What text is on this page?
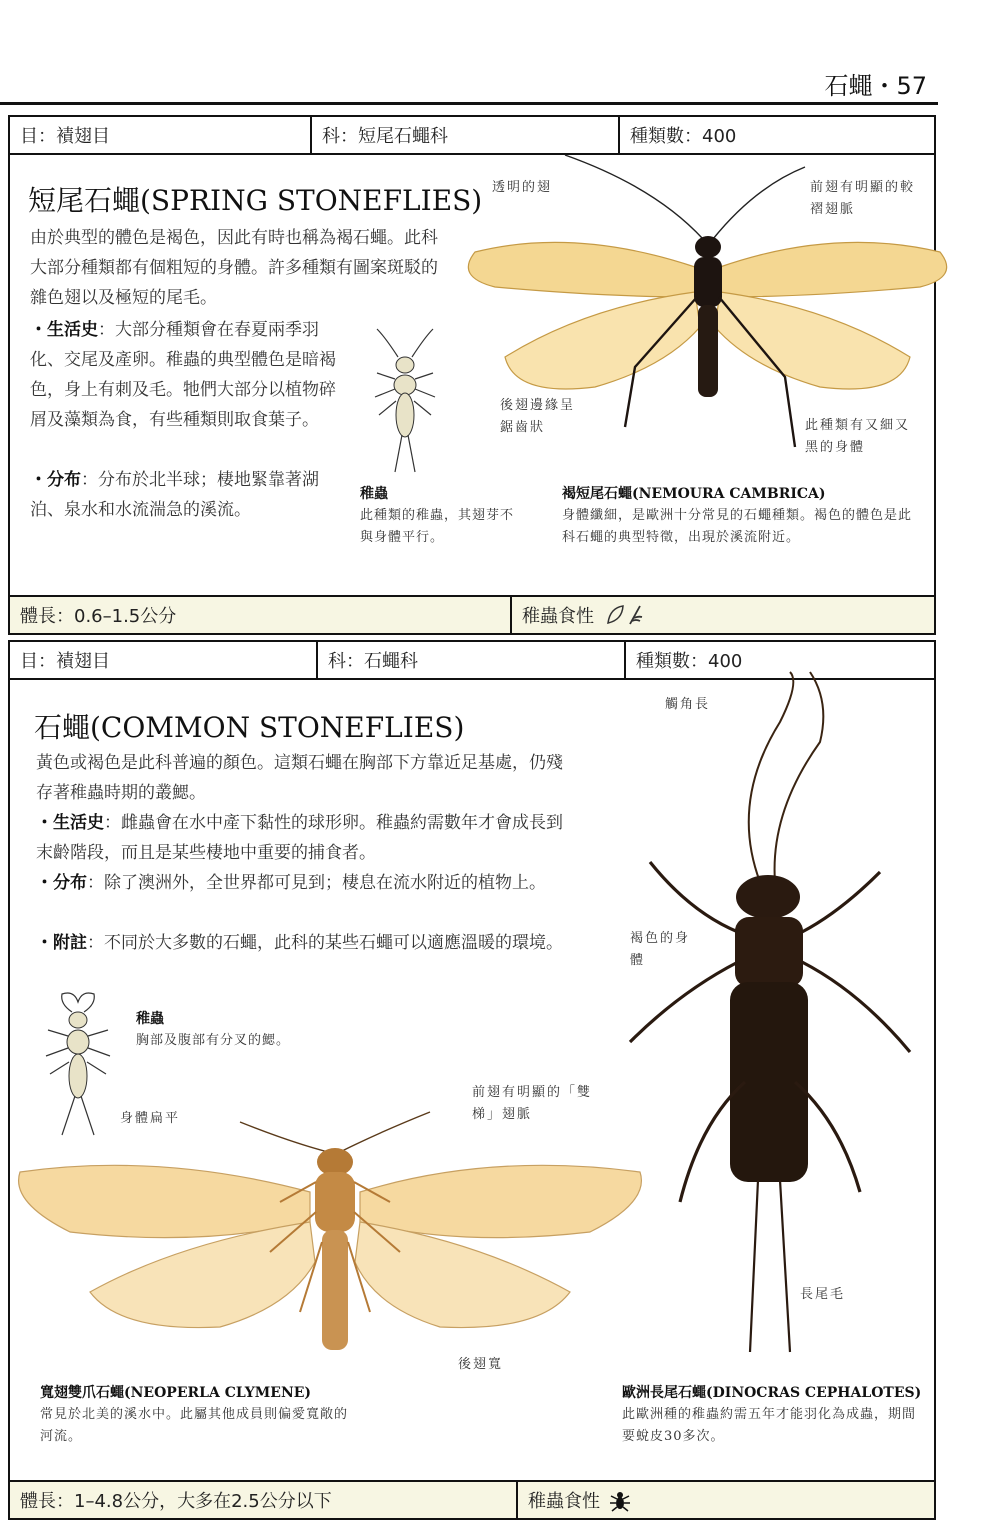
石蠅・57
目：襀翅目	科：短尾石蠅科	種類數：400
短尾石蠅(SPRING STONEFLIES)
由於典型的體色是褐色，因此有時也稱為褐石蠅。此科大部分種類都有個粗短的身體。許多種類有圖案斑駁的雜色翅以及極短的尾毛。

・生活史：大部分種類會在春夏兩季羽化、交尾及產卵。稚蟲的典型體色是暗褐色，身上有刺及毛。牠們大部分以植物碎屑及藻類為食，有些種類則取食葉子。

・分布：分布於北半球；棲地緊靠著湖泊、泉水和水流湍急的溪流。

稚蟲
此種類的稚蟲，其翅芽不與身體平行。
透明的翅	前翅有明顯的較褶翅脈
後翅邊緣呈鋸齒狀	此種類有又細又黑的身體
褐短尾石蠅(NEMOURA CAMBRICA)
身體纖細，是歐洲十分常見的石蠅種類。褐色的體色是此科石蠅的典型特徵，出現於溪流附近。
體長：0.6–1.5公分	稚蟲食性
目：襀翅目	科：石蠅科	種類數：400
石蠅(COMMON STONEFLIES)
黃色或褐色是此科普遍的顏色。這類石蠅在胸部下方靠近足基處，仍殘存著稚蟲時期的叢鰓。

・生活史：雌蟲會在水中產下黏性的球形卵。稚蟲約需數年才會成長到末齡階段，而且是某些棲地中重要的捕食者。

・分布：除了澳洲外，全世界都可見到；棲息在流水附近的植物上。

・附註：不同於大多數的石蠅，此科的某些石蠅可以適應溫暖的環境。

稚蟲
胸部及腹部有分叉的鰓。
身體扁平
前翅有明顯的「雙梯」翅脈
後翅寬
寬翅雙爪石蠅(NEOPERLA CLYMENE)
常見於北美的溪水中。此屬其他成員則偏愛寬敞的河流。
觸角長
褐色的身體
長尾毛
歐洲長尾石蠅(DINOCRAS CEPHALOTES)
此歐洲種的稚蟲約需五年才能羽化為成蟲，期間要蛻皮30多次。
體長：1–4.8公分，大多在2.5公分以下	稚蟲食性
